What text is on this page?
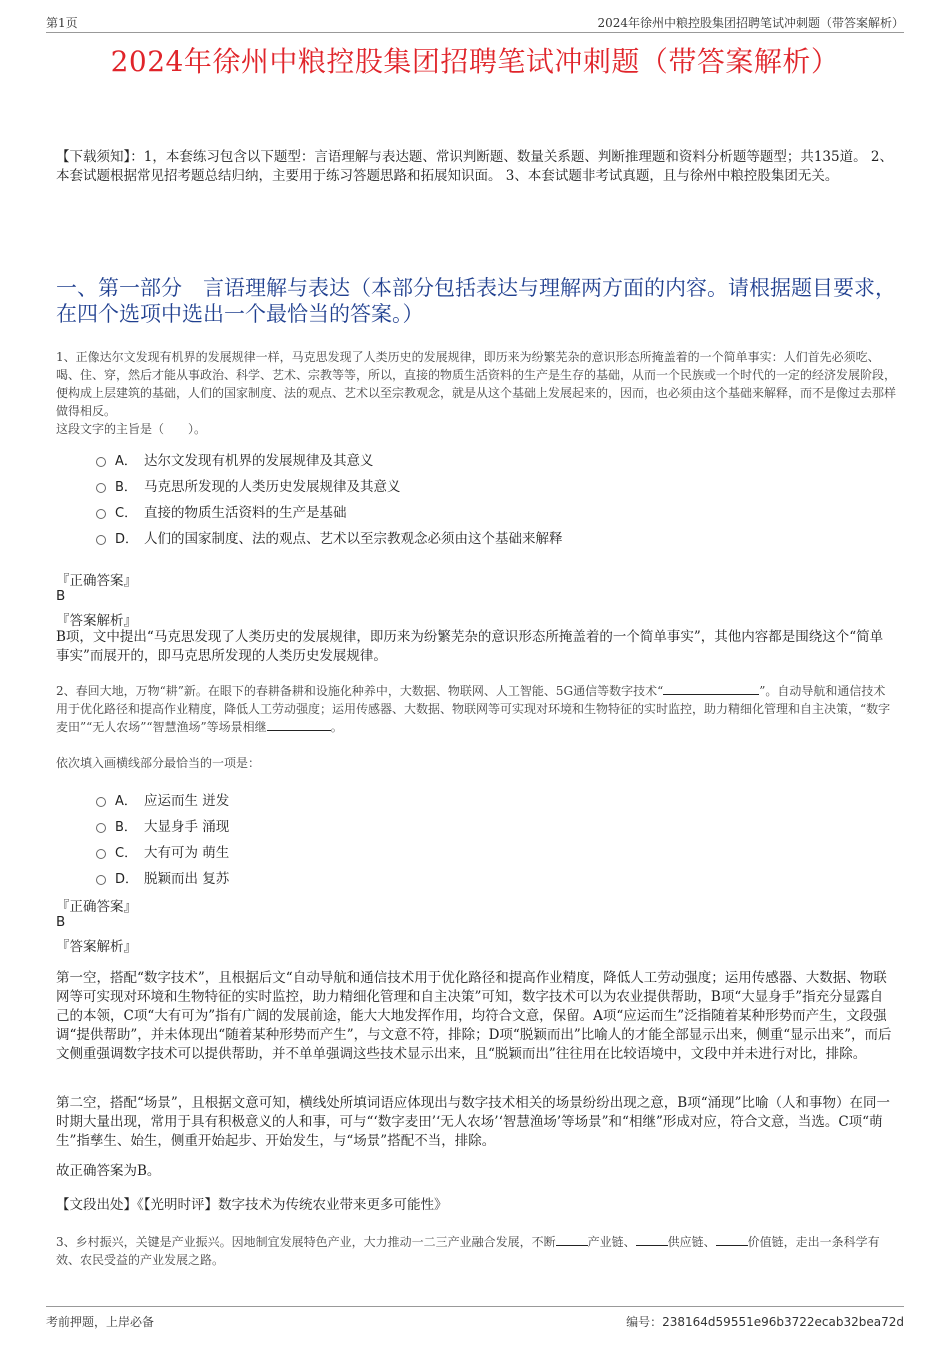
第1页	2024年徐州中粮控股集团招聘笔试冲刺题（带答案解析）
2024年徐州中粮控股集团招聘笔试冲刺题（带答案解析）
【下载须知】：1，本套练习包含以下题型：言语理解与表达题、常识判断题、数量关系题、判断推理题和资料分析题等题型；共135道。 2、本套试题根据常见招考题总结归纳，主要用于练习答题思路和拓展知识面。 3、本套试题非考试真题，且与徐州中粮控股集团无关。
一、第一部分　言语理解与表达（本部分包括表达与理解两方面的内容。请根据题目要求，在四个选项中选出一个最恰当的答案。）
1、正像达尔文发现有机界的发展规律一样，马克思发现了人类历史的发展规律，即历来为纷繁芜杂的意识形态所掩盖着的一个简单事实：人们首先必须吃、喝、住、穿，然后才能从事政治、科学、艺术、宗教等等，所以，直接的物质生活资料的生产是生存的基础，从而一个民族或一个时代的一定的经济发展阶段，便构成上层建筑的基础，人们的国家制度、法的观点、艺术以至宗教观念，就是从这个基础上发展起来的，因而，也必须由这个基础来解释，而不是像过去那样做得相反。
这段文字的主旨是（　　）。
A． 达尔文发现有机界的发展规律及其意义
B． 马克思所发现的人类历史发展规律及其意义
C． 直接的物质生活资料的生产是基础
D． 人们的国家制度、法的观点、艺术以至宗教观念必须由这个基础来解释
『正确答案』
B
『答案解析』
B项，文中提出“马克思发现了人类历史的发展规律，即历来为纷繁芜杂的意识形态所掩盖着的一个简单事实”，其他内容都是围绕这个“简单事实”而展开的，即马克思所发现的人类历史发展规律。
2、春回大地，万物“耕”新。在眼下的春耕备耕和设施化种养中，大数据、物联网、人工智能、5G通信等数字技术“	”。自动导航和通信技术用于优化路径和提高作业精度，降低人工劳动强度；运用传感器、大数据、物联网等可实现对环境和生物特征的实时监控，助力精细化管理和自主决策，“数字麦田”“无人农场”“智慧渔场”等场景相继	。
依次填入画横线部分最恰当的一项是：
A． 应运而生 迸发
B． 大显身手 涌现
C． 大有可为 萌生
D． 脱颖而出 复苏
『正确答案』
B
『答案解析』
第一空，搭配“数字技术”，且根据后文“自动导航和通信技术用于优化路径和提高作业精度，降低人工劳动强度；运用传感器、大数据、物联网等可实现对环境和生物特征的实时监控，助力精细化管理和自主决策”可知，数字技术可以为农业提供帮助，B项“大显身手”指充分显露自己的本领，C项“大有可为”指有广阔的发展前途，能大大地发挥作用，均符合文意，保留。A项“应运而生”泛指随着某种形势而产生，文段强调“提供帮助”，并未体现出“随着某种形势而产生”，与文意不符，排除；D项“脱颖而出”比喻人的才能全部显示出来，侧重“显示出来”，而后文侧重强调数字技术可以提供帮助，并不单单强调这些技术显示出来，且“脱颖而出”往往用在比较语境中，文段中并未进行对比，排除。
第二空，搭配“场景”，且根据文意可知，横线处所填词语应体现出与数字技术相关的场景纷纷出现之意，B项“涌现”比喻（人和事物）在同一时期大量出现，常用于具有积极意义的人和事，可与“‘数字麦田’‘无人农场’‘智慧渔场’等场景”和“相继”形成对应，符合文意，当选。C项“萌生”指孳生、始生，侧重开始起步、开始发生，与“场景”搭配不当，排除。
故正确答案为B。
【文段出处】《【光明时评】数字技术为传统农业带来更多可能性》
3、乡村振兴，关键是产业振兴。因地制宜发展特色产业，大力推动一二三产业融合发展，不断	产业链、	供应链、	价值链，走出一条科学有效、农民受益的产业发展之路。
考前押题，上岸必备	编号：238164d59551e96b3722ecab32bea72d
